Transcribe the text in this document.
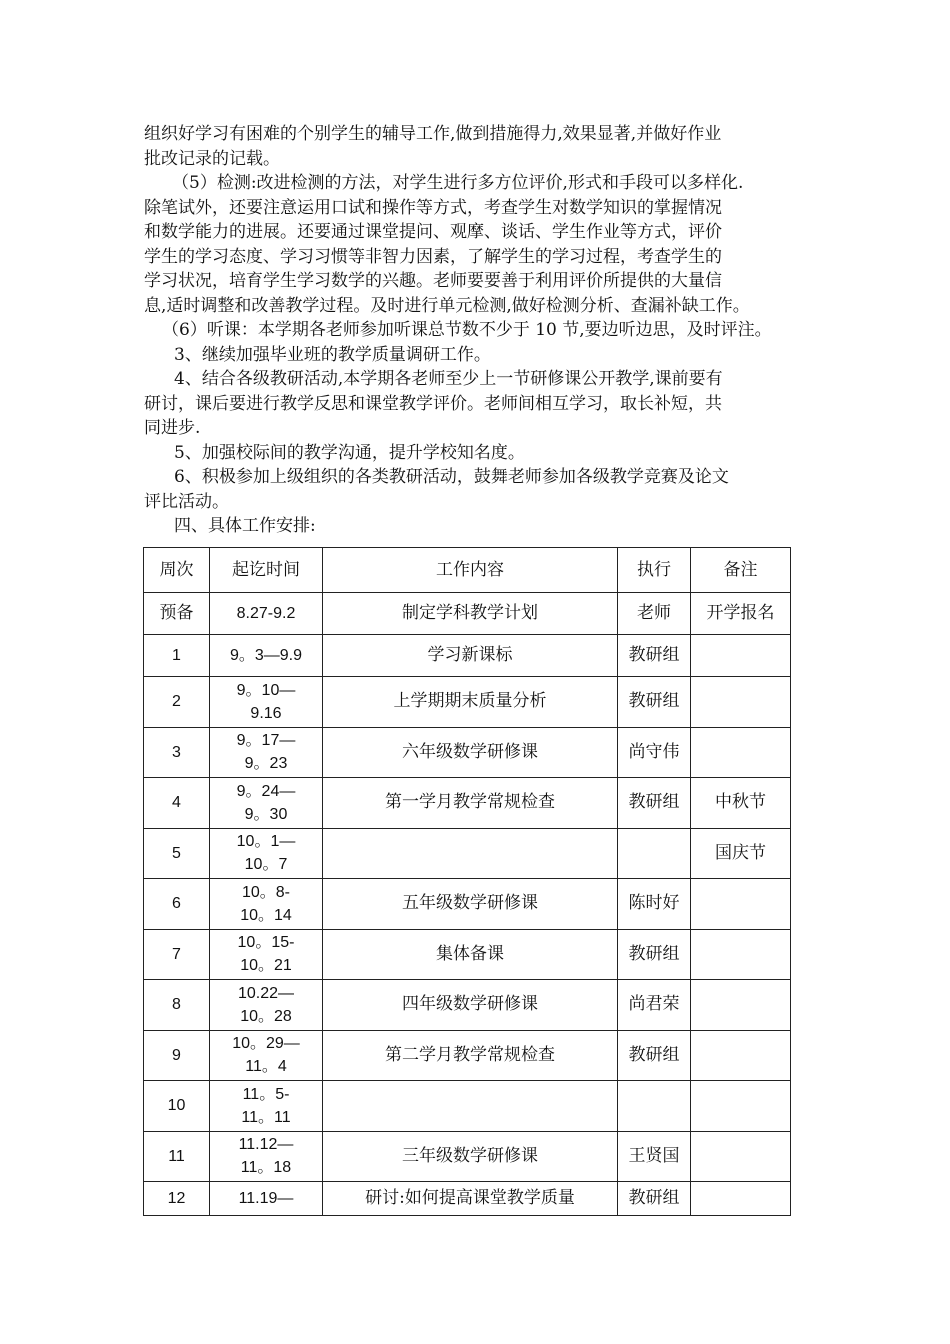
组织好学习有困难的个别学生的辅导工作,做到措施得力,效果显著,并做好作业

批改记录的记载。

（5）检测:改进检测的方法，对学生进行多方位评价,形式和手段可以多样化.

除笔试外，还要注意运用口试和操作等方式，考查学生对数学知识的掌握情况

和数学能力的进展。还要通过课堂提问、观摩、谈话、学生作业等方式，评价

学生的学习态度、学习习惯等非智力因素，了解学生的学习过程，考查学生的

学习状况，培育学生学习数学的兴趣。老师要要善于利用评价所提供的大量信

息,适时调整和改善教学过程。及时进行单元检测,做好检测分析、查漏补缺工作。

（6）听课：本学期各老师参加听课总节数不少于 10 节,要边听边思，及时评注。

3、继续加强毕业班的教学质量调研工作。

4、结合各级教研活动,本学期各老师至少上一节研修课公开教学,课前要有

研讨，课后要进行教学反思和课堂教学评价。老师间相互学习，取长补短，共

同进步.

5、加强校际间的教学沟通，提升学校知名度。

6、积极参加上级组织的各类教研活动，鼓舞老师参加各级教学竞赛及论文

评比活动。

四、具体工作安排:

周次	起讫时间	工作内容	执行	备注
预备	8.27-9.2	制定学科教学计划	老师	开学报名
1	9。3—9.9	学习新课标	教研组	
2	9。10—
9.16	上学期期末质量分析	教研组	
3	9。17—
9。23	六年级数学研修课	尚守伟	
4	9。24—
9。30	第一学月教学常规检查	教研组	中秋节
5	10。1—
10。7			国庆节
6	10。8-
10。14	五年级数学研修课	陈时好	
7	10。15-
10。21	集体备课	教研组	
8	10.22—
10。28	四年级数学研修课	尚君荣	
9	10。29—
11。4	第二学月教学常规检查	教研组	
10	11。5-
11。11			
11	11.12—
11。18	三年级数学研修课	王贤国	
12	11.19—	研讨:如何提高课堂教学质量	教研组	
